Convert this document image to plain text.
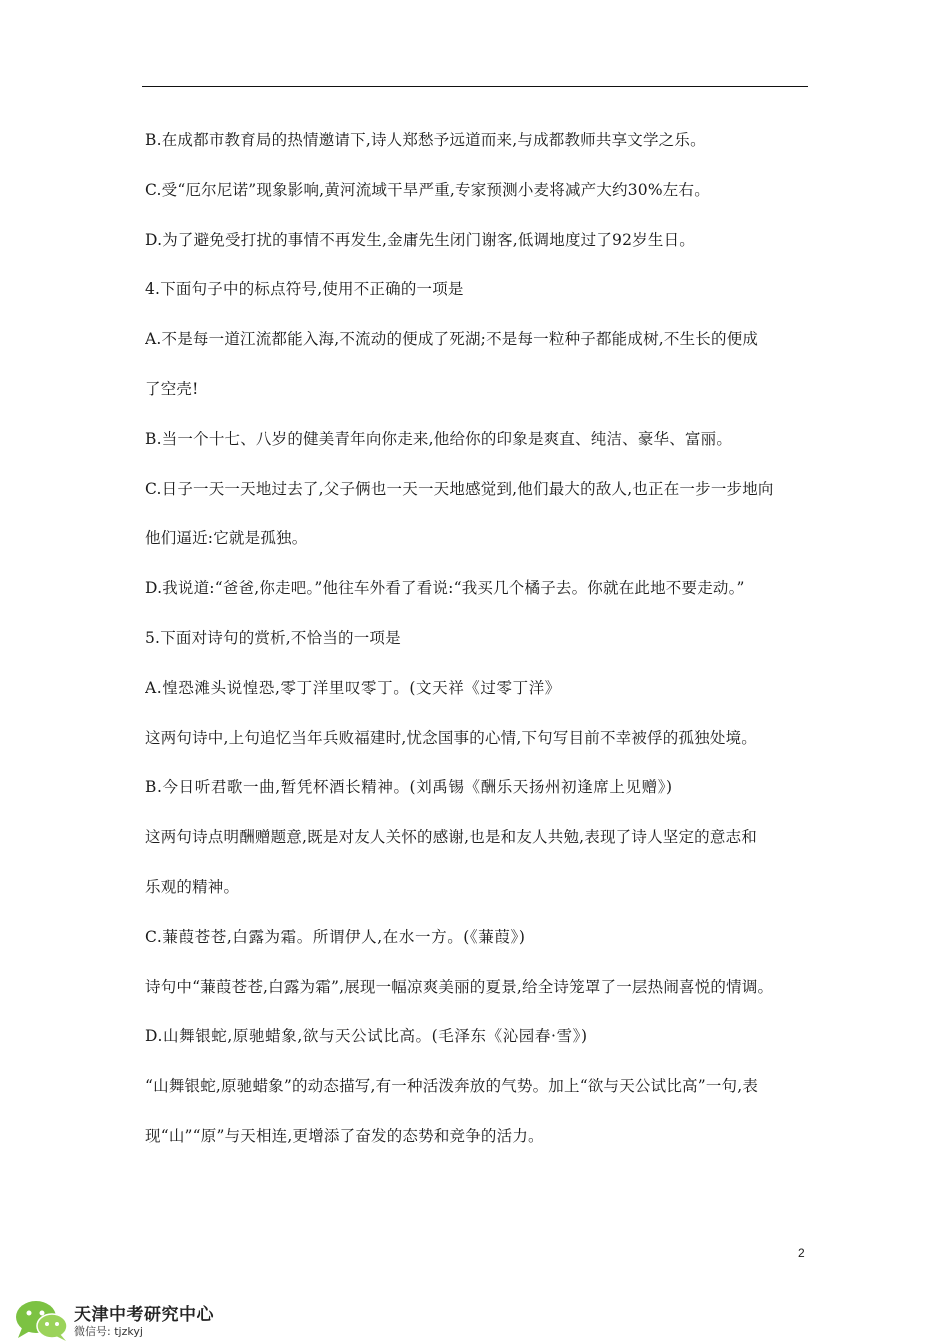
B.在成都市教育局的热情邀请下,诗人郑愁予远道而来,与成都教师共享文学之乐。
C.受“厄尔尼诺”现象影响,黄河流域干旱严重,专家预测小麦将减产大约30%左右。
D.为了避免受打扰的事情不再发生,金庸先生闭门谢客,低调地度过了92岁生日。
4.下面句子中的标点符号,使用不正确的一项是
A.不是每一道江流都能入海,不流动的便成了死湖;不是每一粒种子都能成树,不生长的便成
了空壳!
B.当一个十七、八岁的健美青年向你走来,他给你的印象是爽直、纯洁、豪华、富丽。
C.日子一天一天地过去了,父子俩也一天一天地感觉到,他们最大的敌人,也正在一步一步地向
他们逼近:它就是孤独。
D.我说道:“爸爸,你走吧。”他往车外看了看说:“我买几个橘子去。你就在此地不要走动。”
5.下面对诗句的赏析,不恰当的一项是
A.惶恐滩头说惶恐,零丁洋里叹零丁。(文天祥《过零丁洋》
这两句诗中,上句追忆当年兵败福建时,忧念国事的心情,下句写目前不幸被俘的孤独处境。
B.今日听君歌一曲,暂凭杯酒长精神。(刘禹锡《酬乐天扬州初逢席上见赠》)
这两句诗点明酬赠题意,既是对友人关怀的感谢,也是和友人共勉,表现了诗人坚定的意志和
乐观的精神。
C.蒹葭苍苍,白露为霜。所谓伊人,在水一方。(《蒹葭》)
诗句中“蒹葭苍苍,白露为霜”,展现一幅凉爽美丽的夏景,给全诗笼罩了一层热闹喜悦的情调。
D.山舞银蛇,原驰蜡象,欲与天公试比高。(毛泽东《沁园春·雪》)
“山舞银蛇,原驰蜡象”的动态描写,有一种活泼奔放的气势。加上“欲与天公试比高”一句,表
现“山”“原”与天相连,更增添了奋发的态势和竞争的活力。
2
天津中考研究中心
微信号: tjzkyj
